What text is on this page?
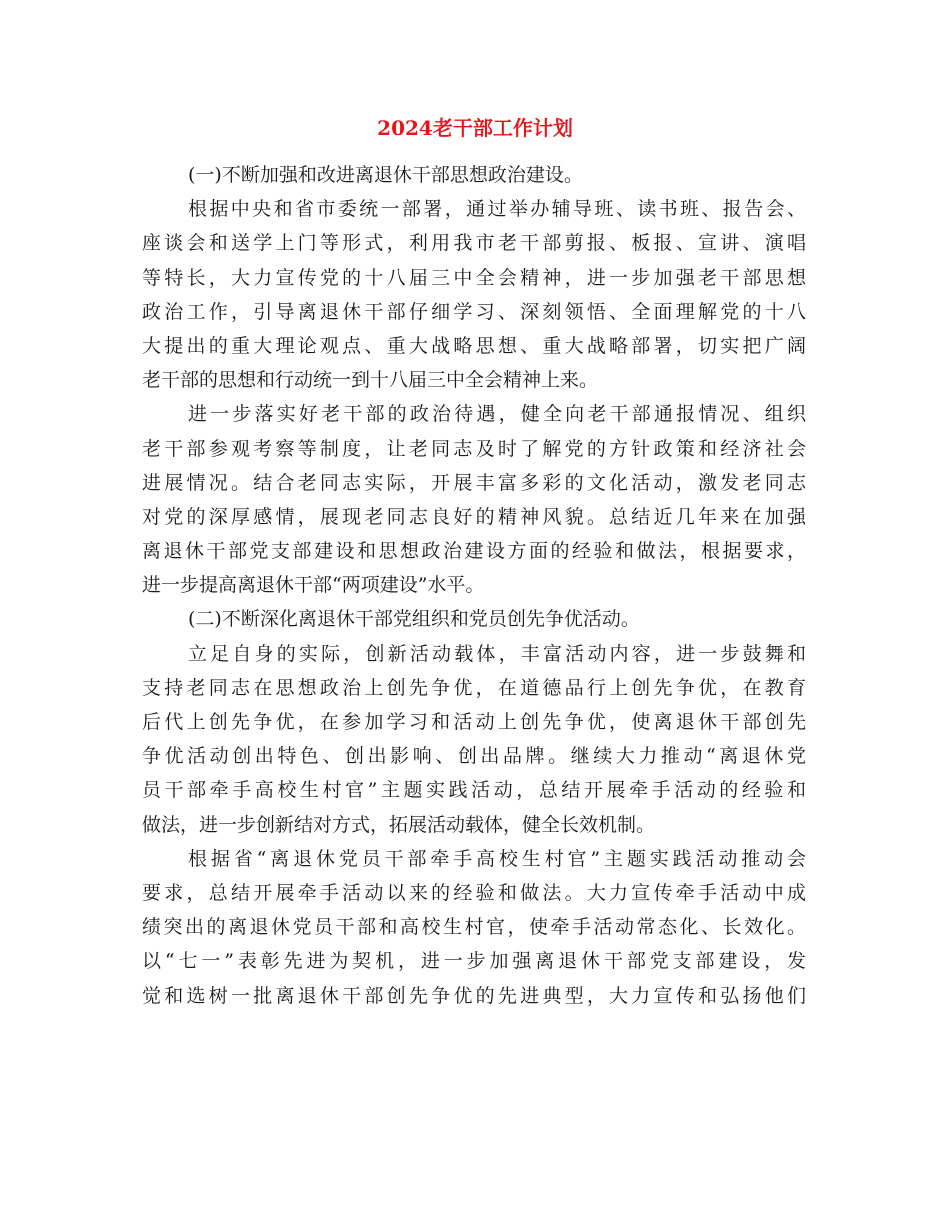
2024老干部工作计划
(一)不断加强和改进离退休干部思想政治建设。
根据中央和省市委统一部署，通过举办辅导班、读书班、报告会、
座谈会和送学上门等形式，利用我市老干部剪报、板报、宣讲、演唱
等特长，大力宣传党的十八届三中全会精神，进一步加强老干部思想
政治工作，引导离退休干部仔细学习、深刻领悟、全面理解党的十八
大提出的重大理论观点、重大战略思想、重大战略部署，切实把广阔
老干部的思想和行动统一到十八届三中全会精神上来。
进一步落实好老干部的政治待遇，健全向老干部通报情况、组织
老干部参观考察等制度，让老同志及时了解党的方针政策和经济社会
进展情况。结合老同志实际，开展丰富多彩的文化活动，激发老同志
对党的深厚感情，展现老同志良好的精神风貌。总结近几年来在加强
离退休干部党支部建设和思想政治建设方面的经验和做法，根据要求，
进一步提高离退休干部“两项建设”水平。
(二)不断深化离退休干部党组织和党员创先争优活动。
立足自身的实际，创新活动载体，丰富活动内容，进一步鼓舞和
支持老同志在思想政治上创先争优，在道德品行上创先争优，在教育
后代上创先争优，在参加学习和活动上创先争优，使离退休干部创先
争优活动创出特色、创出影响、创出品牌。继续大力推动“离退休党
员干部牵手高校生村官”主题实践活动，总结开展牵手活动的经验和
做法，进一步创新结对方式，拓展活动载体，健全长效机制。
根据省“离退休党员干部牵手高校生村官”主题实践活动推动会
要求，总结开展牵手活动以来的经验和做法。大力宣传牵手活动中成
绩突出的离退休党员干部和高校生村官，使牵手活动常态化、长效化。
以“七一”表彰先进为契机，进一步加强离退休干部党支部建设，发
觉和选树一批离退休干部创先争优的先进典型，大力宣传和弘扬他们
